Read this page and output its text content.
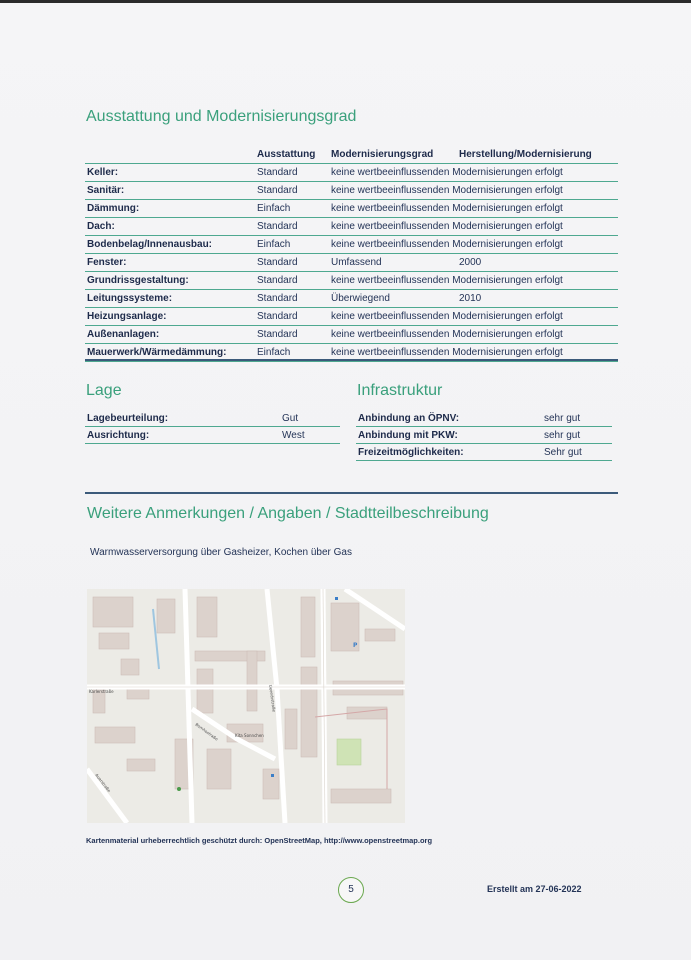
Ausstattung und Modernisierungsgrad
	Ausstattung	Modernisierungsgrad	Herstellung/Modernisierung
Keller:	Standard	keine wertbeeinflussenden Modernisierungen erfolgt	
Sanitär:	Standard	keine wertbeeinflussenden Modernisierungen erfolgt	
Dämmung:	Einfach	keine wertbeeinflussenden Modernisierungen erfolgt	
Dach:	Standard	keine wertbeeinflussenden Modernisierungen erfolgt	
Bodenbelag/Innenausbau:	Einfach	keine wertbeeinflussenden Modernisierungen erfolgt	
Fenster:	Standard	Umfassend	2000
Grundrissgestaltung:	Standard	keine wertbeeinflussenden Modernisierungen erfolgt	
Leitungssysteme:	Standard	Überwiegend	2010
Heizungsanlage:	Standard	keine wertbeeinflussenden Modernisierungen erfolgt	
Außenanlagen:	Standard	keine wertbeeinflussenden Modernisierungen erfolgt	
Mauerwerk/Wärmedämmung:	Einfach	keine wertbeeinflussenden Modernisierungen erfolgt	
Lage
Lagebeurteilung:	Gut
Ausrichtung:	West
Infrastruktur
Anbindung an ÖPNV:	sehr gut
Anbindung mit PKW:	sehr gut
Freizeitmöglichkeiten:	Sehr gut
Weitere Anmerkungen / Angaben / Stadtteilbeschreibung
Warmwasserversorgung über Gasheizer, Kochen über Gas
Karlerstraße	Ueendrstraße
Bomhostraße
Auerstraße
Kita Sonnchen
P
Kartenmaterial urheberrechtlich geschützt durch: OpenStreetMap, http://www.openstreetmap.org
5	Erstellt am 27-06-2022
